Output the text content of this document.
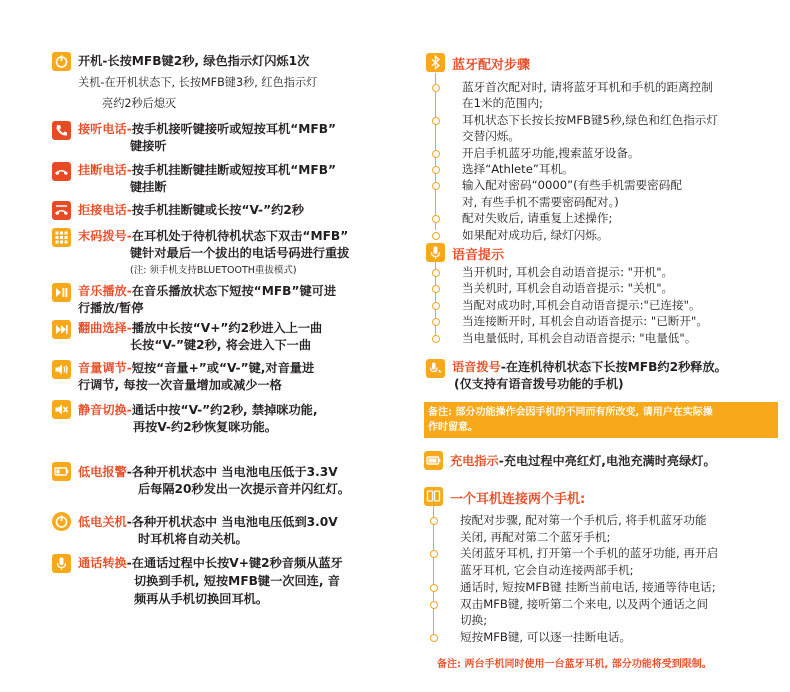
开机-长按MFB键2秒, 绿色指示灯闪烁1次
关机-在开机状态下, 长按MFB键3秒, 红色指示灯
亮约2秒后熄灭
接听电话-按手机接听键接听或短按耳机“MFB”
键接听
挂断电话-按手机挂断键挂断或短按耳机“MFB”
键挂断
拒接电话-按手机挂断键或长按“V-”约2秒
末码拨号-在耳机处于待机待机状态下双击“MFB”
键针对最后一个拔出的电话号码进行重拔
(注: 须手机支持BLUETOOTH重拔模式)
音乐播放-在音乐播放状态下短按“MFB”键可进
行播放/暂停
翻曲选择-播放中长按“V+”约2秒进入上一曲
长按“V-”键2秒, 将会进入下一曲
音量调节-短按“音量+”或“V-”键,对音量进
行调节, 每按一次音量增加或减少一格
静音切换-通话中按“V-”约2秒, 禁掉咪功能,
再按V-约2秒恢复咪功能。
低电报警-各种开机状态中 当电池电压低于3.3V
后每隔20秒发出一次提示音并闪红灯。
低电关机-各种开机状态中 当电池电压低到3.0V
时耳机将自动关机。
通话转换-在通话过程中长按V+键2秒音频从蓝牙
切换到手机, 短按MFB键一次回连, 音
频再从手机切换回耳机。
蓝牙配对步骤
蓝牙首次配对时, 请将蓝牙耳机和手机的距离控制
在1米的范围内;
耳机状态下长按长按MFB键5秒,绿色和红色指示灯
交替闪烁。
开启手机蓝牙功能,搜索蓝牙设备。
选择“Athlete”耳机。
输入配对密码“0000”(有些手机需要密码配
对, 有些手机不需要密码配对。)
配对失败后, 请重复上述操作;
如果配对成功后, 绿灯闪烁。
语音提示
当开机时, 耳机会自动语音提示: "开机"。
当关机时, 耳机会自动语音提示: "关机"。
当配对成功时,耳机会自动语音提示:"已连接"。
当连接断开时, 耳机会自动语音提示: "已断开"。
当电量低时, 耳机会自动语音提示: "电量低"。
语音拨号-在连机待机状态下长按MFB约2秒释放。
(仅支持有语音拨号功能的手机)
备注: 部分功能操作会因手机的不同而有所改变, 请用户在实际操
作时留意。
充电指示-充电过程中亮红灯,电池充满时亮绿灯。
一个耳机连接两个手机:
按配对步骤, 配对第一个手机后, 将手机蓝牙功能
关闭, 再配对第二个蓝牙手机;
关闭蓝牙耳机, 打开第一个手机的蓝牙功能, 再开启
蓝牙耳机, 它会自动连接两部手机;
通话时, 短按MFB键 挂断当前电话, 接通等待电话;
双击MFB键, 接听第二个来电, 以及两个通话之间
切换;
短按MFB键, 可以逐一挂断电话。
备注: 两台手机同时使用一台蓝牙耳机, 部分功能将受到限制。
